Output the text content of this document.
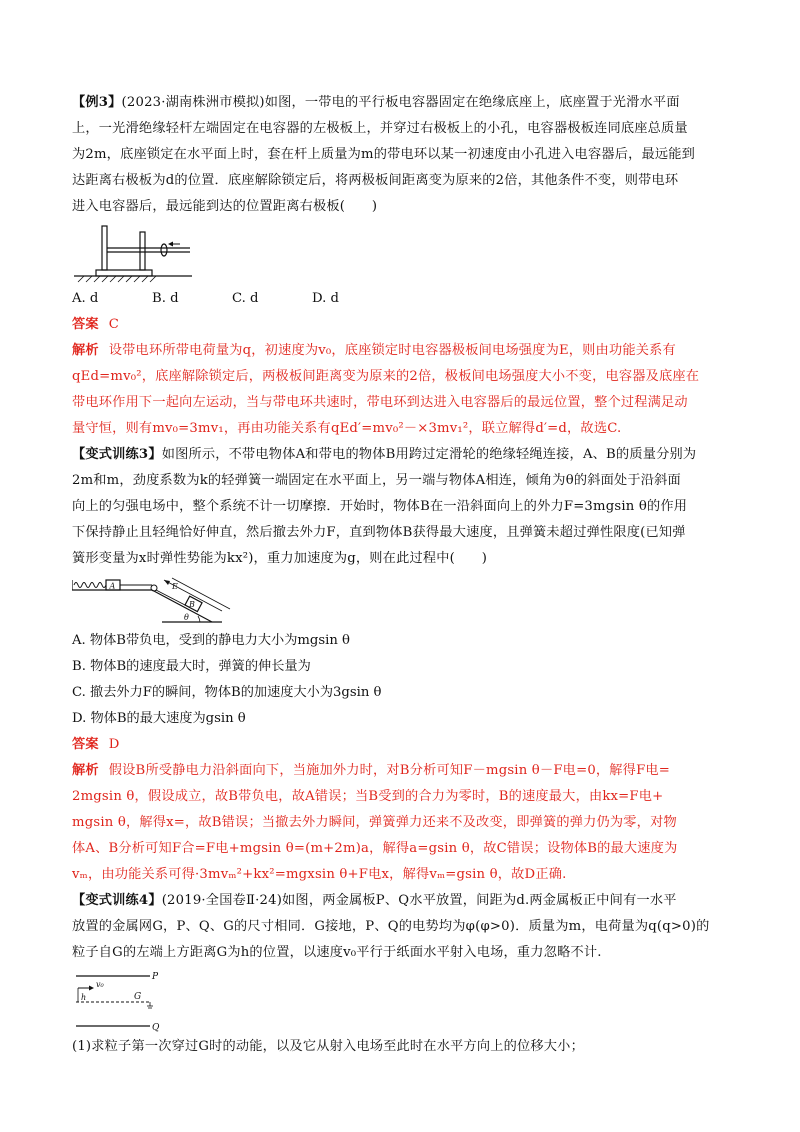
【例3】(2023·湖南株洲市模拟)如图，一带电的平行板电容器固定在绝缘底座上，底座置于光滑水平面
上，一光滑绝缘轻杆左端固定在电容器的左极板上，并穿过右极板上的小孔，电容器极板连同底座总质量
为2m，底座锁定在水平面上时，套在杆上质量为m的带电环以某一初速度由小孔进入电容器后，最远能到
达距离右极板为d的位置．底座解除锁定后，将两极板间距离变为原来的2倍，其他条件不变，则带电环
进入电容器后，最远能到达的位置距离右极板(　　)

A. d	B. d	C. d	D. d

答案 C

解析 设带电环所带电荷量为q，初速度为v₀，底座锁定时电容器极板间电场强度为E，则由功能关系有
qEd=mv₀²，底座解除锁定后，两极板间距离变为原来的2倍，极板间电场强度大小不变，电容器及底座在
带电环作用下一起向左运动，当与带电环共速时，带电环到达进入电容器后的最远位置，整个过程满足动
量守恒，则有mv₀=3mv₁，再由功能关系有qEd′=mv₀²－×3mv₁²，联立解得d′=d，故选C.

【变式训练3】如图所示，不带电物体A和带电的物体B用跨过定滑轮的绝缘轻绳连接，A、B的质量分别为
2m和m，劲度系数为k的轻弹簧一端固定在水平面上，另一端与物体A相连，倾角为θ的斜面处于沿斜面
向上的匀强电场中，整个系统不计一切摩擦．开始时，物体B在一沿斜面向上的外力F=3mgsin θ的作用
下保持静止且轻绳恰好伸直，然后撤去外力F，直到物体B获得最大速度，且弹簧未超过弹性限度(已知弹
簧形变量为x时弹性势能为kx²)，重力加速度为g，则在此过程中(　　)

A
B
E
θ

A. 物体B带负电，受到的静电力大小为mgsin θ

B. 物体B的速度最大时，弹簧的伸长量为

C. 撤去外力F的瞬间，物体B的加速度大小为3gsin θ

D. 物体B的最大速度为gsin θ

答案 D

解析 假设B所受静电力沿斜面向下，当施加外力时，对B分析可知F－mgsin θ－F电=0，解得F电=
2mgsin θ，假设成立，故B带负电，故A错误；当B受到的合力为零时，B的速度最大，由kx=F电+
mgsin θ，解得x=，故B错误；当撤去外力瞬间，弹簧弹力还来不及改变，即弹簧的弹力仍为零，对物
体A、B分析可知F合=F电+mgsin θ=(m+2m)a，解得a=gsin θ，故C错误；设物体B的最大速度为
vₘ，由功能关系可得·3mvₘ²+kx²=mgxsin θ+F电x，解得vₘ=gsin θ，故D正确.

【变式训练4】(2019·全国卷Ⅱ·24)如图，两金属板P、Q水平放置，间距为d.两金属板正中间有一水平
放置的金属网G，P、Q、G的尺寸相同．G接地，P、Q的电势均为φ(φ>0)．质量为m，电荷量为q(q>0)的
粒子自G的左端上方距离G为h的位置，以速度v₀平行于纸面水平射入电场，重力忽略不计.

P
v₀
h	G
Q

(1)求粒子第一次穿过G时的动能，以及它从射入电场至此时在水平方向上的位移大小；
